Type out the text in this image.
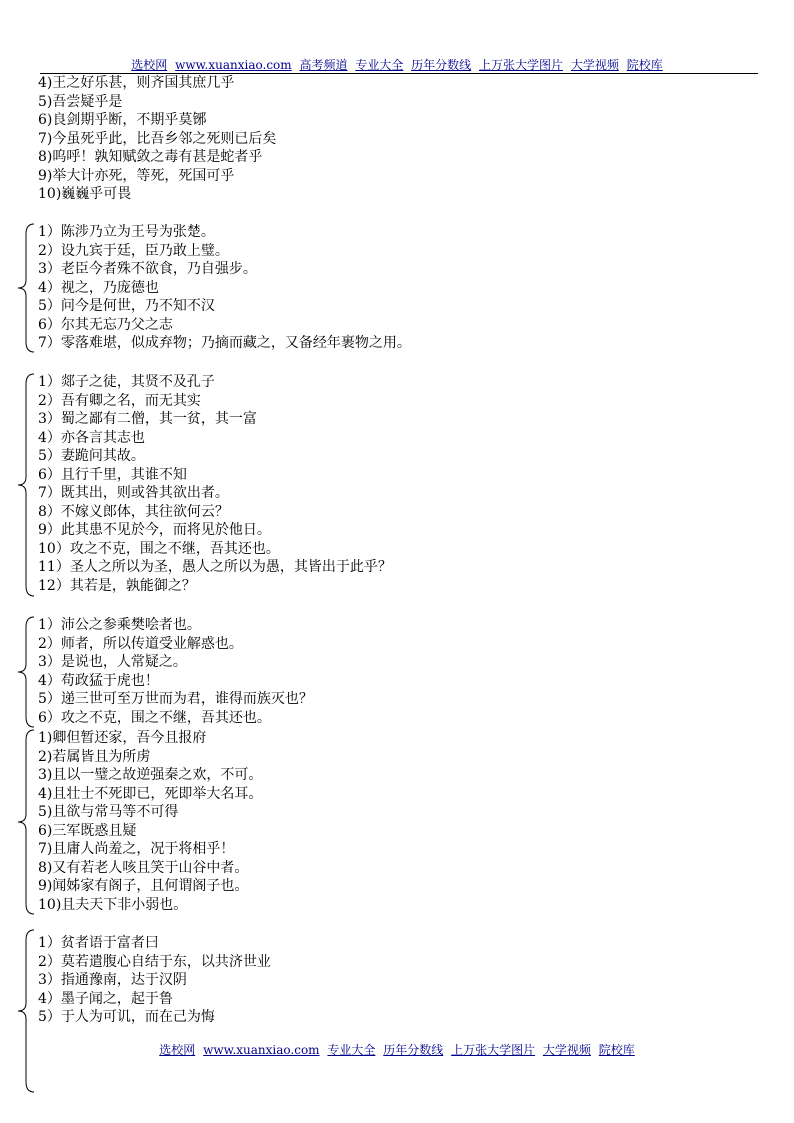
选校网 www.xuanxiao.com 高考频道 专业大全 历年分数线 上万张大学图片 大学视频 院校库
4)王之好乐甚，则齐国其庶几乎
5)吾尝疑乎是
6)良剑期乎断，不期乎莫铘
7)今虽死乎此，比吾乡邻之死则已后矣
8)呜呼！孰知赋敛之毒有甚是蛇者乎
9)举大计亦死，等死，死国可乎
10)巍巍乎可畏
1）陈涉乃立为王号为张楚。
2）设九宾于廷，臣乃敢上璧。
3）老臣今者殊不欲食，乃自强步。
4）视之，乃庞德也
5）问今是何世，乃不知不汉
6）尔其无忘乃父之志
7）零落难堪，似成弃物；乃摘而藏之，又备经年裹物之用。
1）郯子之徒，其贤不及孔子
2）吾有卿之名，而无其实
3）蜀之鄙有二僧，其一贫，其一富
4）亦各言其志也
5）妻跪问其故。
6）且行千里，其谁不知
7）既其出，则或咎其欲出者。
8）不嫁义郎体，其往欲何云？
9）此其患不见於今，而将见於他日。
10）攻之不克，围之不继，吾其还也。
11）圣人之所以为圣，愚人之所以为愚，其皆出于此乎？
12）其若是，孰能御之？
1）沛公之参乘樊哙者也。
2）师者，所以传道受业解惑也。
3）是说也，人常疑之。
4）苟政猛于虎也！
5）递三世可至万世而为君，谁得而族灭也？
6）攻之不克，围之不继，吾其还也。
1)卿但暂还家，吾今且报府
2)若属皆且为所虏
3)且以一璧之故逆强秦之欢，不可。
4)且壮士不死即已，死即举大名耳。
5)且欲与常马等不可得
6)三军既惑且疑
7)且庸人尚羞之，况于将相乎！
8)又有若老人咳且笑于山谷中者。
9)闻姊家有阁子，且何谓阁子也。
10)且夫天下非小弱也。
1）贫者语于富者曰
2）莫若遣腹心自结于东，以共济世业
3）指通豫南，达于汉阴
4）墨子闻之，起于鲁
5）于人为可讥，而在己为悔
选校网 www.xuanxiao.com 专业大全 历年分数线 上万张大学图片 大学视频 院校库
